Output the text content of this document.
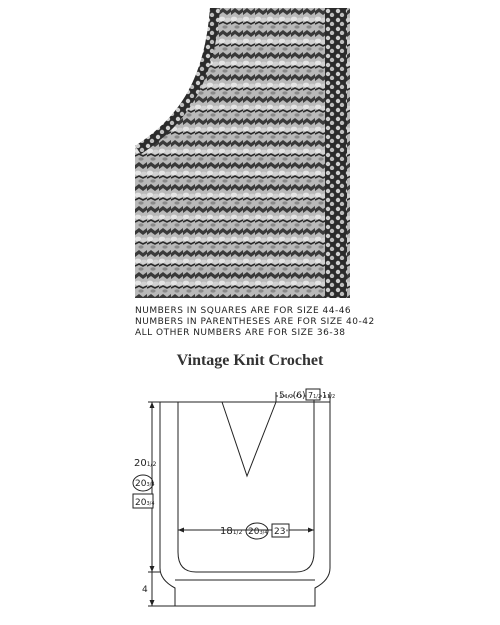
NUMBERS IN SQUARES ARE FOR SIZE 44-46
NUMBERS IN PARENTHESES ARE FOR SIZE 40-42
ALL OTHER NUMBERS ARE FOR SIZE 36-38
Vintage Knit Crochet
51/2(6) 71/2 11/2
201/2
203/4
203/4
181/2 203/4 23"
4
